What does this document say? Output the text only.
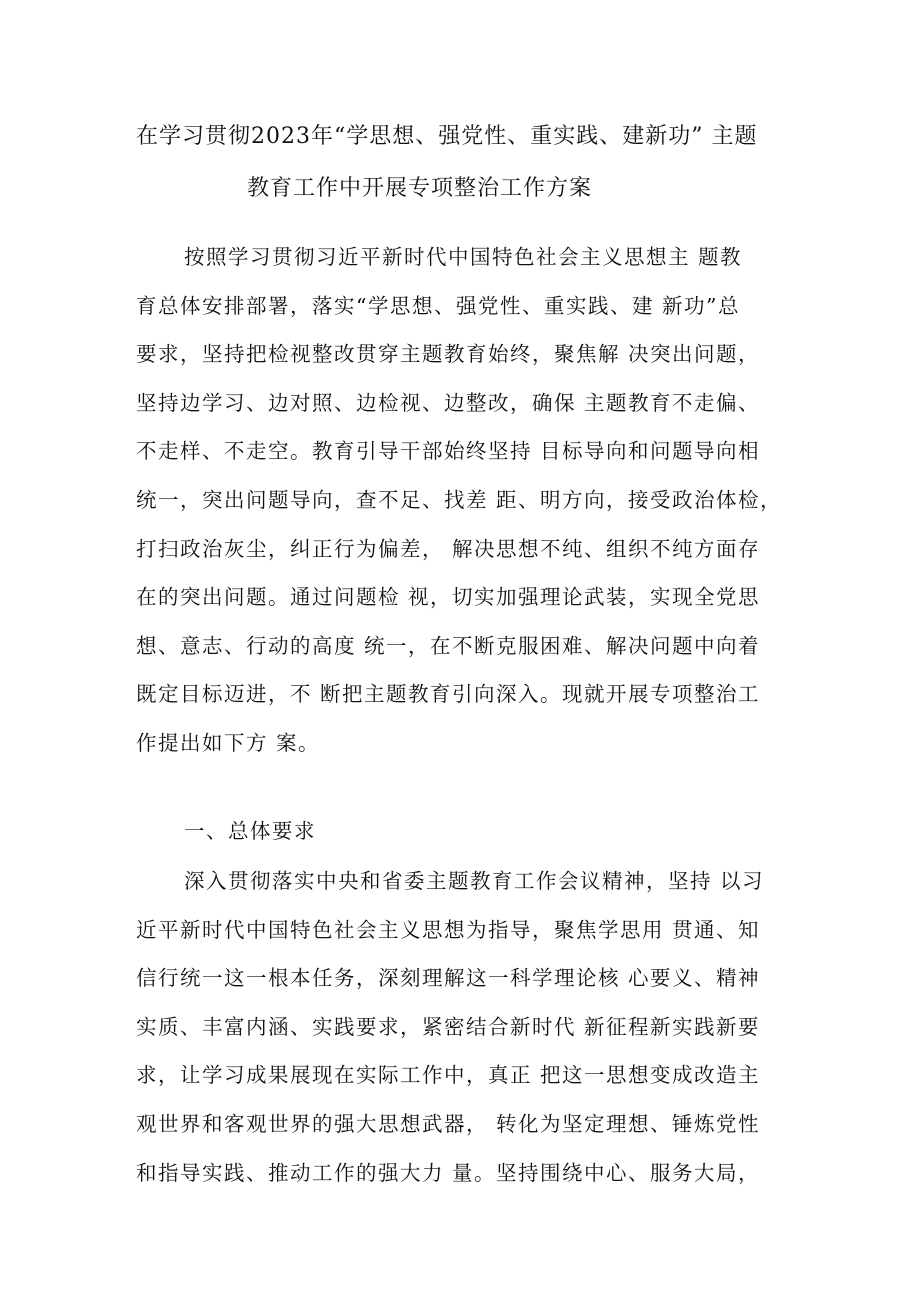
在学习贯彻2023年“学思想、强党性、重实践、建新功” 主题
教育工作中开展专项整治工作方案
按照学习贯彻习近平新时代中国特色社会主义思想主 题教
育总体安排部署，落实“学思想、强党性、重实践、建 新功”总
要求，坚持把检视整改贯穿主题教育始终，聚焦解 决突出问题，
坚持边学习、边对照、边检视、边整改，确保 主题教育不走偏、
不走样、不走空。教育引导干部始终坚持 目标导向和问题导向相
统一，突出问题导向，查不足、找差 距、明方向，接受政治体检，
打扫政治灰尘，纠正行为偏差， 解决思想不纯、组织不纯方面存
在的突出问题。通过问题检 视，切实加强理论武装，实现全党思
想、意志、行动的高度 统一，在不断克服困难、解决问题中向着
既定目标迈进，不 断把主题教育引向深入。现就开展专项整治工
作提出如下方 案。
一、总体要求
深入贯彻落实中央和省委主题教育工作会议精神，坚持 以习
近平新时代中国特色社会主义思想为指导，聚焦学思用 贯通、知
信行统一这一根本任务，深刻理解这一科学理论核 心要义、精神
实质、丰富内涵、实践要求，紧密结合新时代 新征程新实践新要
求，让学习成果展现在实际工作中，真正 把这一思想变成改造主
观世界和客观世界的强大思想武器， 转化为坚定理想、锤炼党性
和指导实践、推动工作的强大力 量。坚持围绕中心、服务大局，
